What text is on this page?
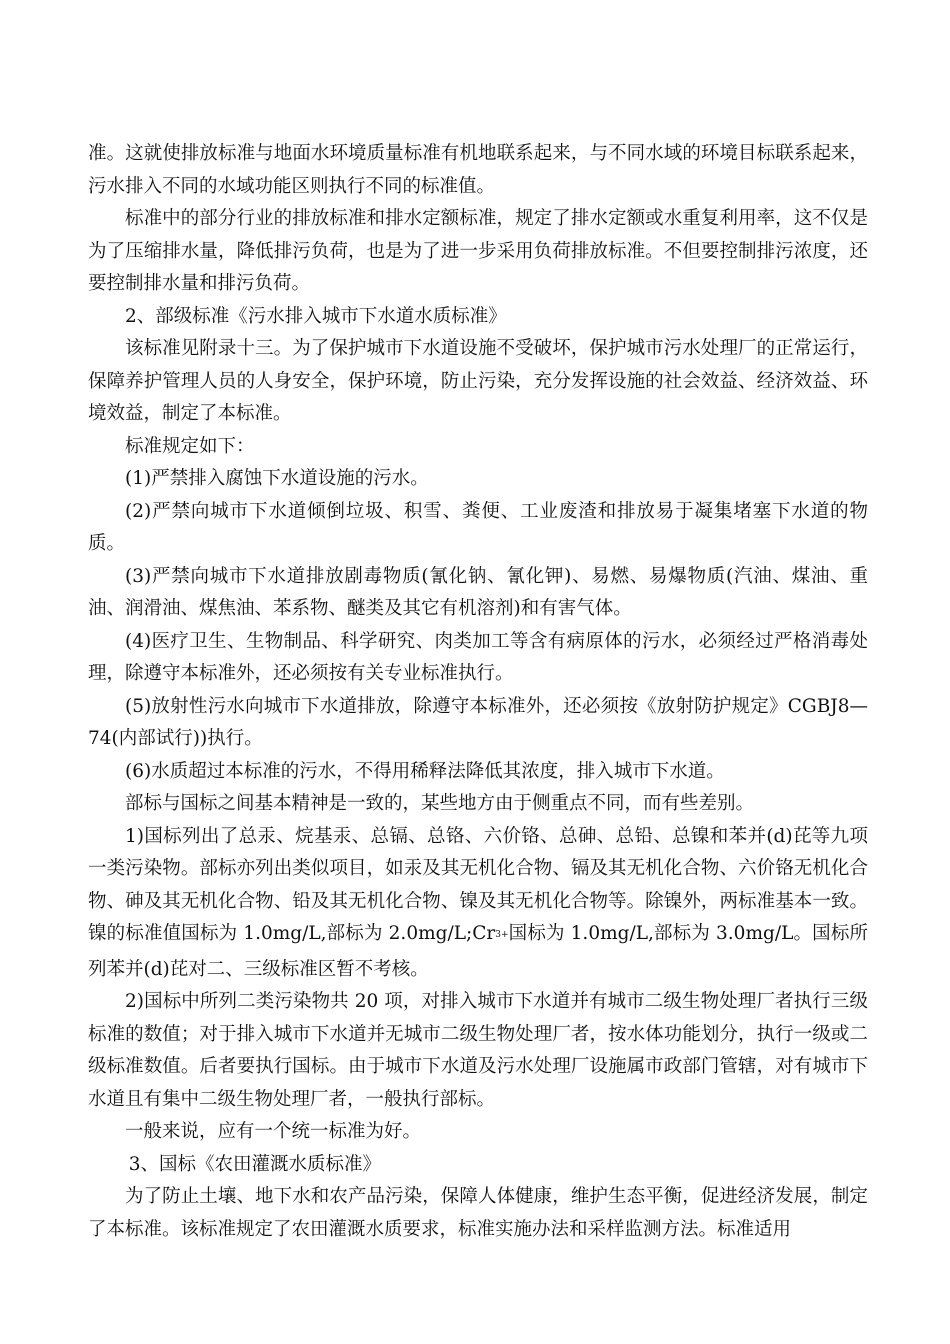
准。这就使排放标准与地面水环境质量标准有机地联系起来，与不同水域的环境目标联系起来，污水排入不同的水域功能区则执行不同的标准值。

标准中的部分行业的排放标准和排水定额标准，规定了排水定额或水重复利用率，这不仅是为了压缩排水量，降低排污负荷，也是为了进一步采用负荷排放标准。不但要控制排污浓度，还要控制排水量和排污负荷。

2、部级标准《污水排入城市下水道水质标准》

该标准见附录十三。为了保护城市下水道设施不受破坏，保护城市污水处理厂的正常运行，保障养护管理人员的人身安全，保护环境，防止污染，充分发挥设施的社会效益、经济效益、环境效益，制定了本标准。

标准规定如下：

(1)严禁排入腐蚀下水道设施的污水。

(2)严禁向城市下水道倾倒垃圾、积雪、粪便、工业废渣和排放易于凝集堵塞下水道的物质。

(3)严禁向城市下水道排放剧毒物质(氰化钠、氰化钾)、易燃、易爆物质(汽油、煤油、重油、润滑油、煤焦油、苯系物、醚类及其它有机溶剂)和有害气体。

(4)医疗卫生、生物制品、科学研究、肉类加工等含有病原体的污水，必须经过严格消毒处理，除遵守本标准外，还必须按有关专业标准执行。

(5)放射性污水向城市下水道排放，除遵守本标准外，还必须按《放射防护规定》CGBJ8—74(内部试行))执行。

(6)水质超过本标准的污水，不得用稀释法降低其浓度，排入城市下水道。

部标与国标之间基本精神是一致的，某些地方由于侧重点不同，而有些差别。

1)国标列出了总汞、烷基汞、总镉、总铬、六价铬、总砷、总铅、总镍和苯并(d)芘等九项一类污染物。部标亦列出类似项目，如汞及其无机化合物、镉及其无机化合物、六价铬无机化合物、砷及其无机化合物、铅及其无机化合物、镍及其无机化合物等。除镍外，两标准基本一致。镍的标准值国标为 1.0mg/L,部标为 $2.0mg/L;Cr^{3+}$国标为 1.0mg/L,部标为 3.0mg/L。国标所列苯并(d)芘对二、三级标准区暂不考核。

2)国标中所列二类污染物共 20 项，对排入城市下水道并有城市二级生物处理厂者执行三级标准的数值；对于排入城市下水道并无城市二级生物处理厂者，按水体功能划分，执行一级或二级标准数值。后者要执行国标。由于城市下水道及污水处理厂设施属市政部门管辖，对有城市下水道且有集中二级生物处理厂者，一般执行部标。

一般来说，应有一个统一标准为好。

3、国标《农田灌溉水质标准》

为了防止土壤、地下水和农产品污染，保障人体健康，维护生态平衡，促进经济发展，制定了本标准。该标准规定了农田灌溉水质要求，标准实施办法和采样监测方法。标准适用
